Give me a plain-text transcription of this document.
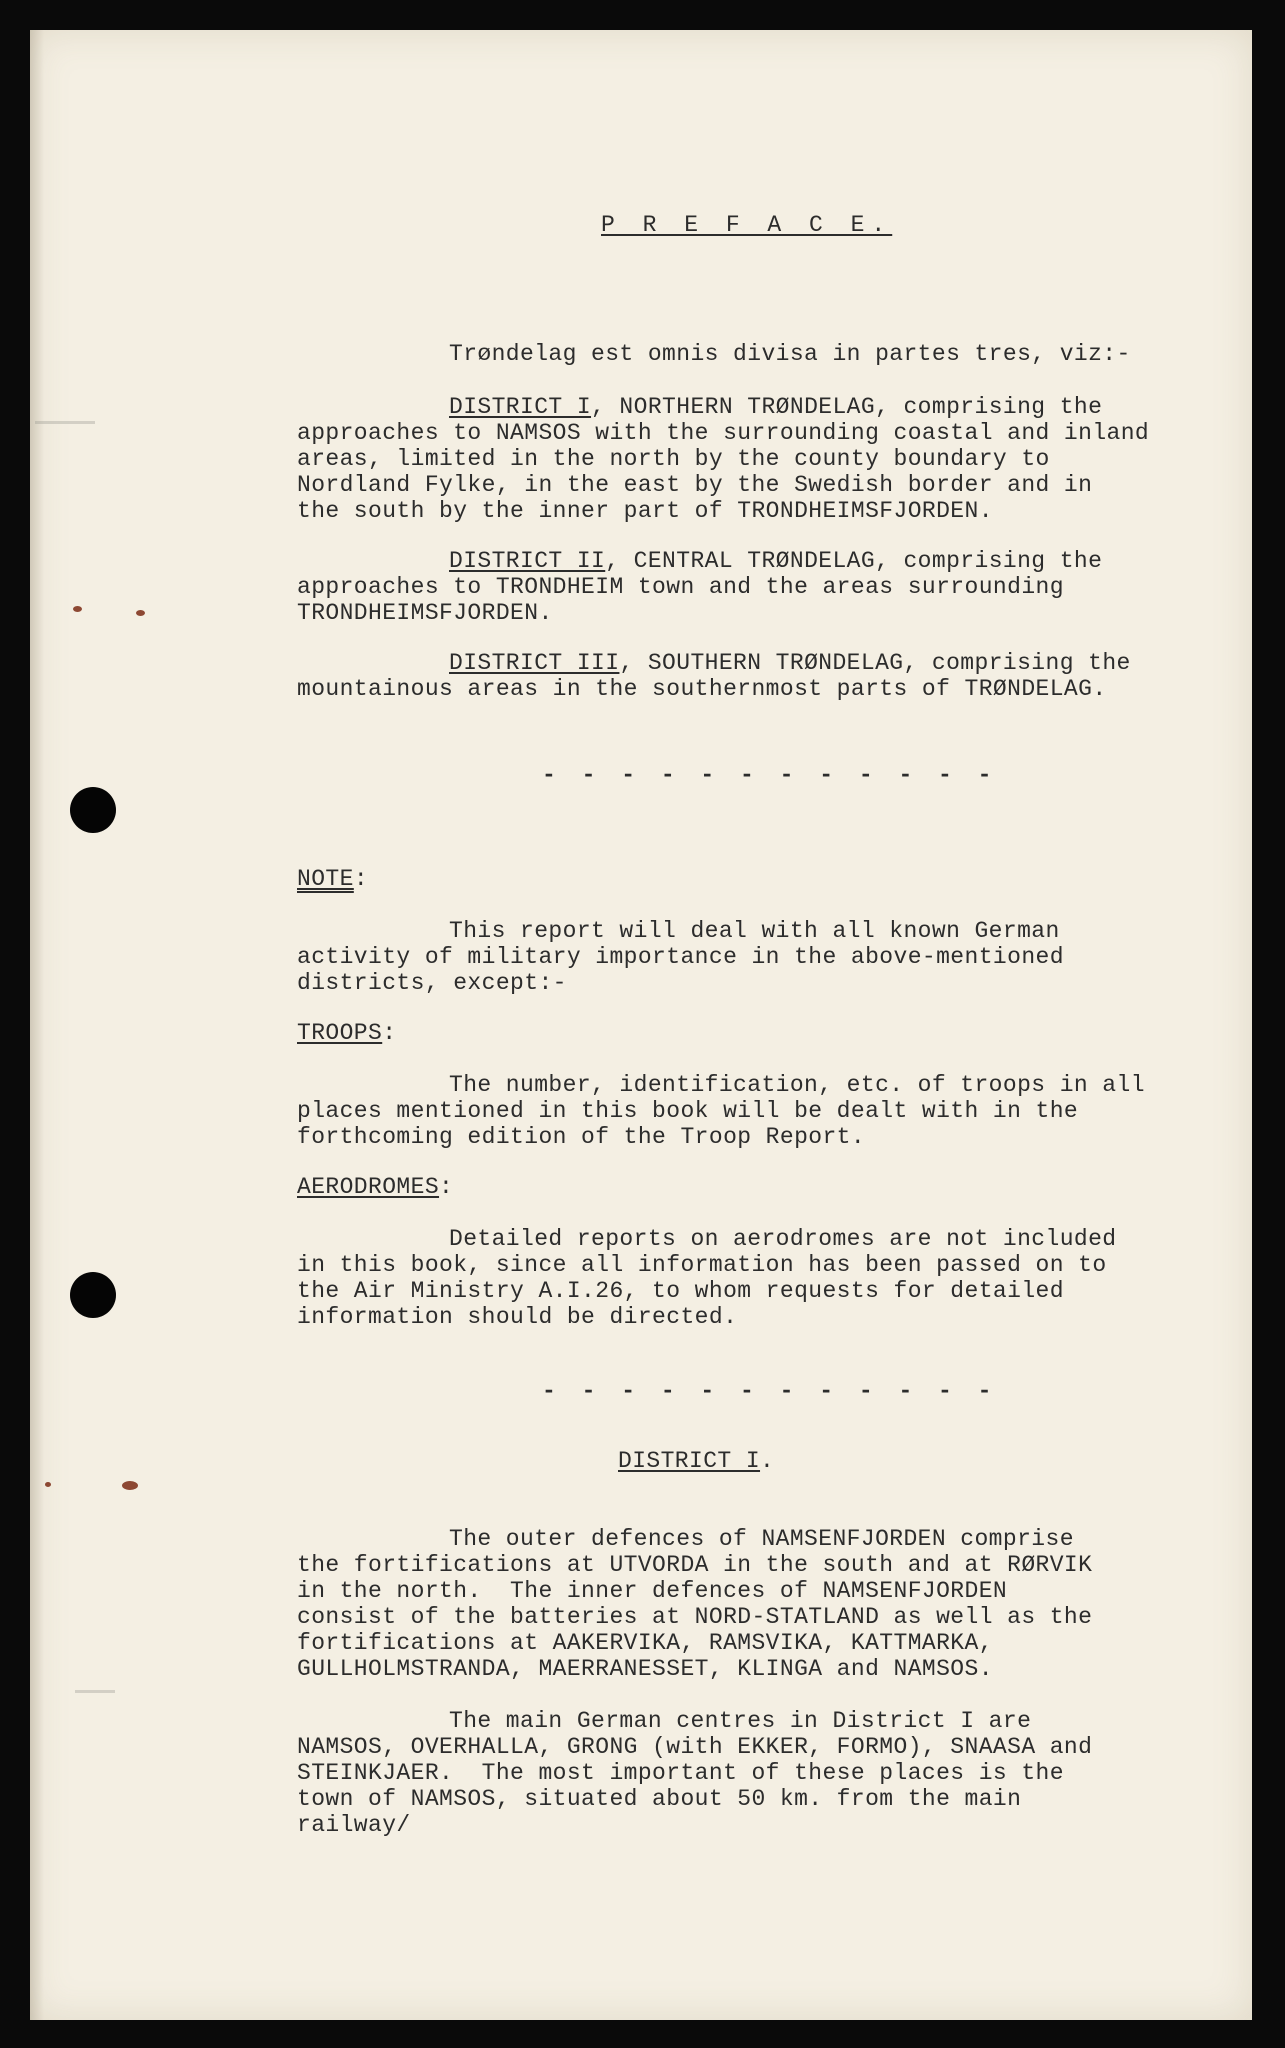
P R E F A C E.
Trøndelag est omnis divisa in partes tres, viz:-
DISTRICT I, NORTHERN TRØNDELAG, comprising the
approaches to NAMSOS with the surrounding coastal and inland
areas, limited in the north by the county boundary to
Nordland Fylke, in the east by the Swedish border and in
the south by the inner part of TRONDHEIMSFJORDEN.
DISTRICT II, CENTRAL TRØNDELAG, comprising the
approaches to TRONDHEIM town and the areas surrounding
TRONDHEIMSFJORDEN.
DISTRICT III, SOUTHERN TRØNDELAG, comprising the
mountainous areas in the southernmost parts of TRØNDELAG.
- - - - - - - - - - - -
NOTE:
This report will deal with all known German
activity of military importance in the above-mentioned
districts, except:-
TROOPS:
The number, identification, etc. of troops in all
places mentioned in this book will be dealt with in the
forthcoming edition of the Troop Report.
AERODROMES:
Detailed reports on aerodromes are not included
in this book, since all information has been passed on to
the Air Ministry A.I.26, to whom requests for detailed
information should be directed.
- - - - - - - - - - - -
DISTRICT I.
The outer defences of NAMSENFJORDEN comprise
the fortifications at UTVORDA in the south and at RØRVIK
in the north.  The inner defences of NAMSENFJORDEN
consist of the batteries at NORD-STATLAND as well as the
fortifications at AAKERVIKA, RAMSVIKA, KATTMARKA,
GULLHOLMSTRANDA, MAERRANESSET, KLINGA and NAMSOS.
The main German centres in District I are
NAMSOS, OVERHALLA, GRONG (with EKKER, FORMO), SNAASA and
STEINKJAER.  The most important of these places is the
town of NAMSOS, situated about 50 km. from the main
railway/
